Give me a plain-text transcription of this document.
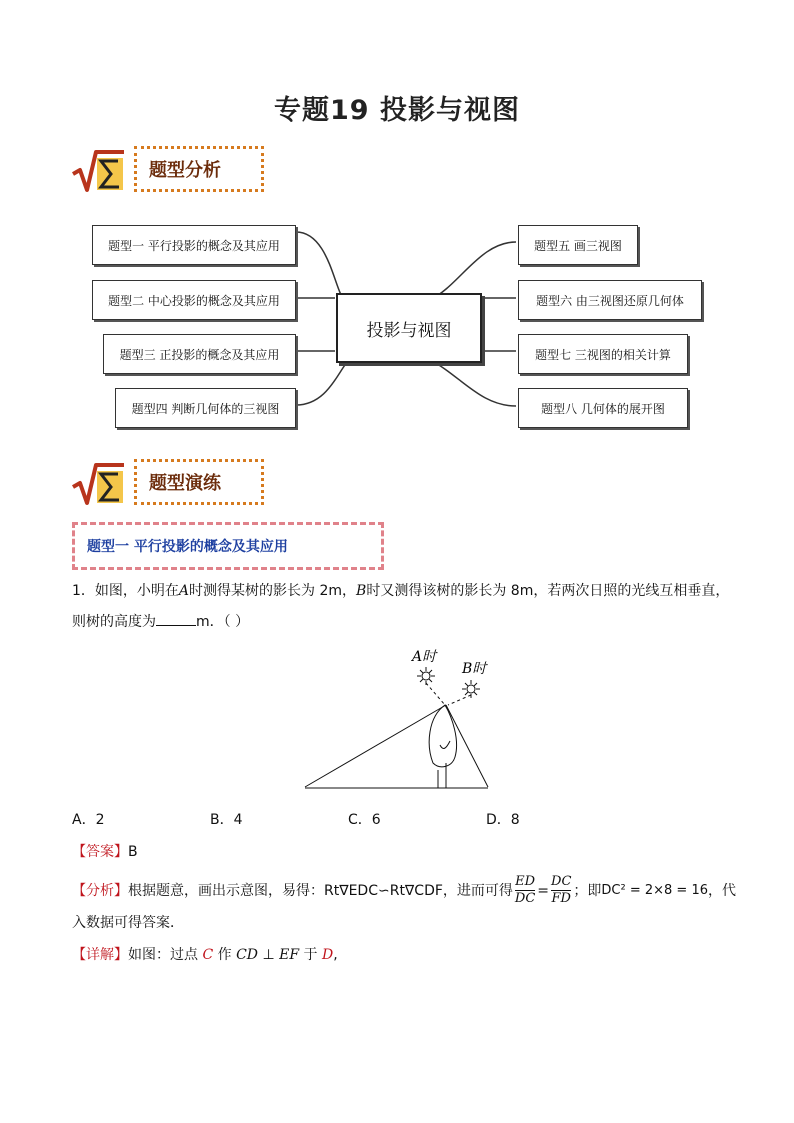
专题19 投影与视图
题型分析
投影与视图
题型一 平行投影的概念及其应用
题型二 中心投影的概念及其应用
题型三 正投影的概念及其应用
题型四 判断几何体的三视图
题型五 画三视图
题型六 由三视图还原几何体
题型七 三视图的相关计算
题型八 几何体的展开图
题型演练
题型一 平行投影的概念及其应用
1．如图，小明在A时测得某树的影长为 2m，B时又测得该树的影长为 8m，若两次日照的光线互相垂直，
则树的高度为	m．（ ）
A时
B时
A．2	B．4	C．6	D．8
【答案】B
【分析】 根据题意，画出示意图，易得：Rt∇EDC∽Rt∇CDF，进而可得 $\frac{ED}{DC} = \frac{DC}{FD}$ ；即 DC² = 2×8 = 16 ，代
入数据可得答案．
【详解】如图：过点 C 作 CD ⊥ EF 于 D,
